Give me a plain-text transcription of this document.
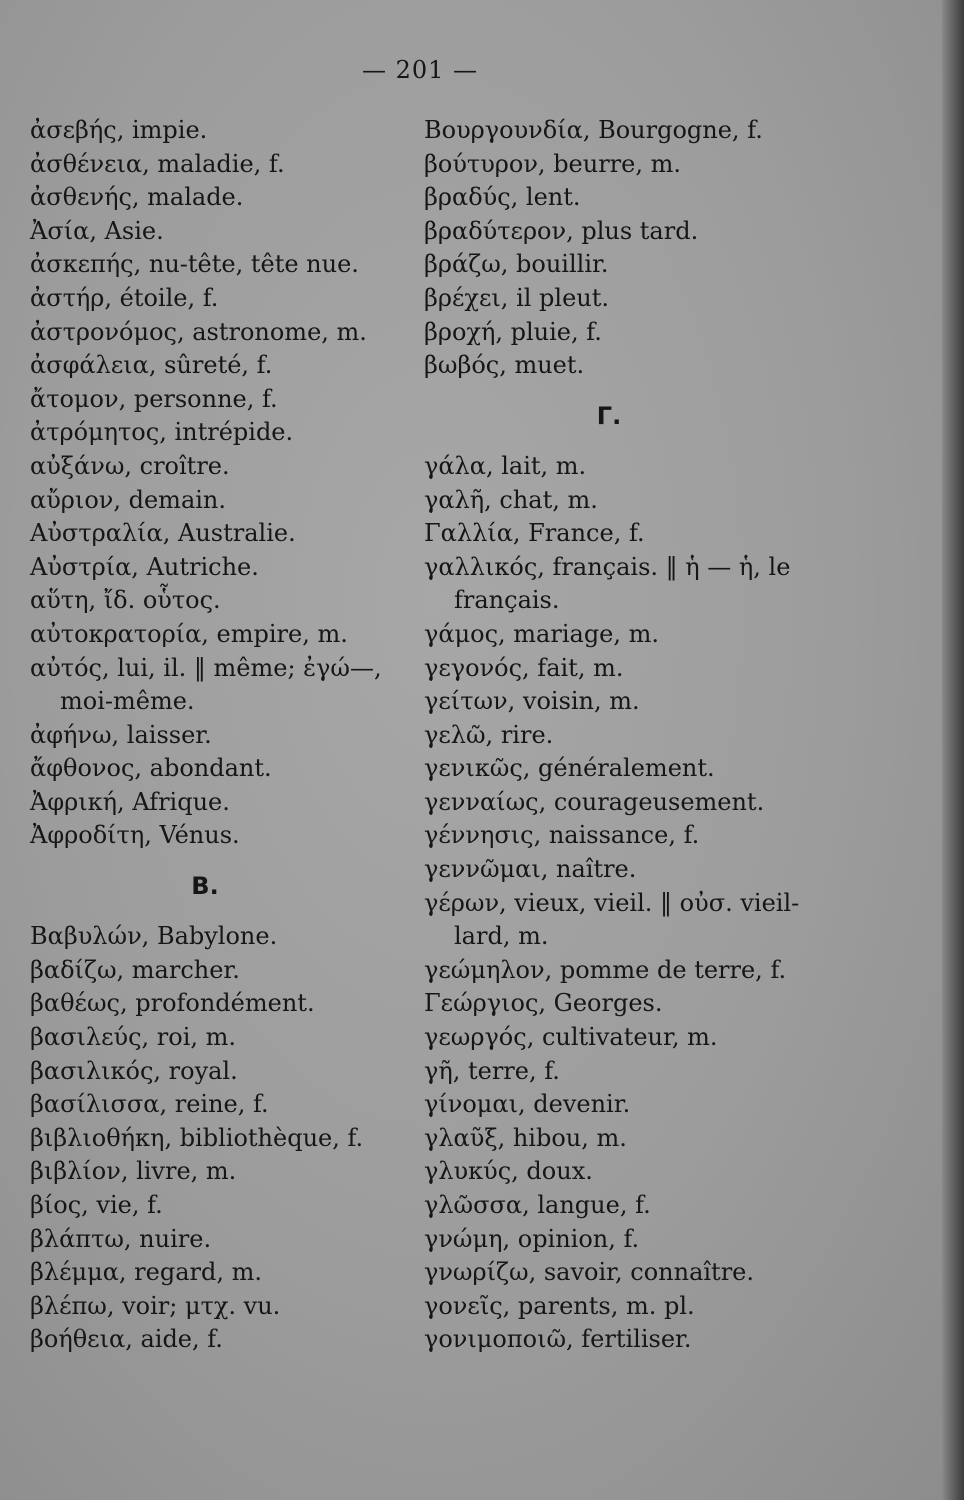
— 201 —
ἀσεβής, impie.
ἀσθένεια, maladie, f.
ἀσθενής, malade.
Ἀσία, Asie.
ἀσκεπής, nu-tête, tête nue.
ἀστήρ, étoile, f.
ἀστρονόμος, astronome, m.
ἀσφάλεια, sûreté, f.
ἄτομον, personne, f.
ἀτρόμητος, intrépide.
αὐξάνω, croître.
αὔριον, demain.
Αὐστραλία, Australie.
Αὐστρία, Autriche.
αὕτη, ἴδ. οὗτος.
αὐτοκρατορία, empire, m.
αὐτός, lui, il. ‖ même; ἐγώ—,
moi-même.
ἀφήνω, laisser.
ἄφθονος, abondant.
Ἀφρική, Afrique.
Ἀφροδίτη, Vénus.
B.
Βαβυλών, Babylone.
βαδίζω, marcher.
βαθέως, profondément.
βασιλεύς, roi, m.
βασιλικός, royal.
βασίλισσα, reine, f.
βιβλιοθήκη, bibliothèque, f.
βιβλίον, livre, m.
βίος, vie, f.
βλάπτω, nuire.
βλέμμα, regard, m.
βλέπω, voir; μτχ. vu.
βοήθεια, aide, f.
Βουργουνδία, Bourgogne, f.
βούτυρον, beurre, m.
βραδύς, lent.
βραδύτερον, plus tard.
βράζω, bouillir.
βρέχει, il pleut.
βροχή, pluie, f.
βωβός, muet.
Γ.
γάλα, lait, m.
γαλῆ, chat, m.
Γαλλία, France, f.
γαλλικός, français. ‖ ἡ — ἡ, le
français.
γάμος, mariage, m.
γεγονός, fait, m.
γείτων, voisin, m.
γελῶ, rire.
γενικῶς, généralement.
γενναίως, courageusement.
γέννησις, naissance, f.
γεννῶμαι, naître.
γέρων, vieux, vieil. ‖ οὐσ. vieil-
lard, m.
γεώμηλον, pomme de terre, f.
Γεώργιος, Georges.
γεωργός, cultivateur, m.
γῆ, terre, f.
γίνομαι, devenir.
γλαῦξ, hibou, m.
γλυκύς, doux.
γλῶσσα, langue, f.
γνώμη, opinion, f.
γνωρίζω, savoir, connaître.
γονεῖς, parents, m. pl.
γονιμοποιῶ, fertiliser.
